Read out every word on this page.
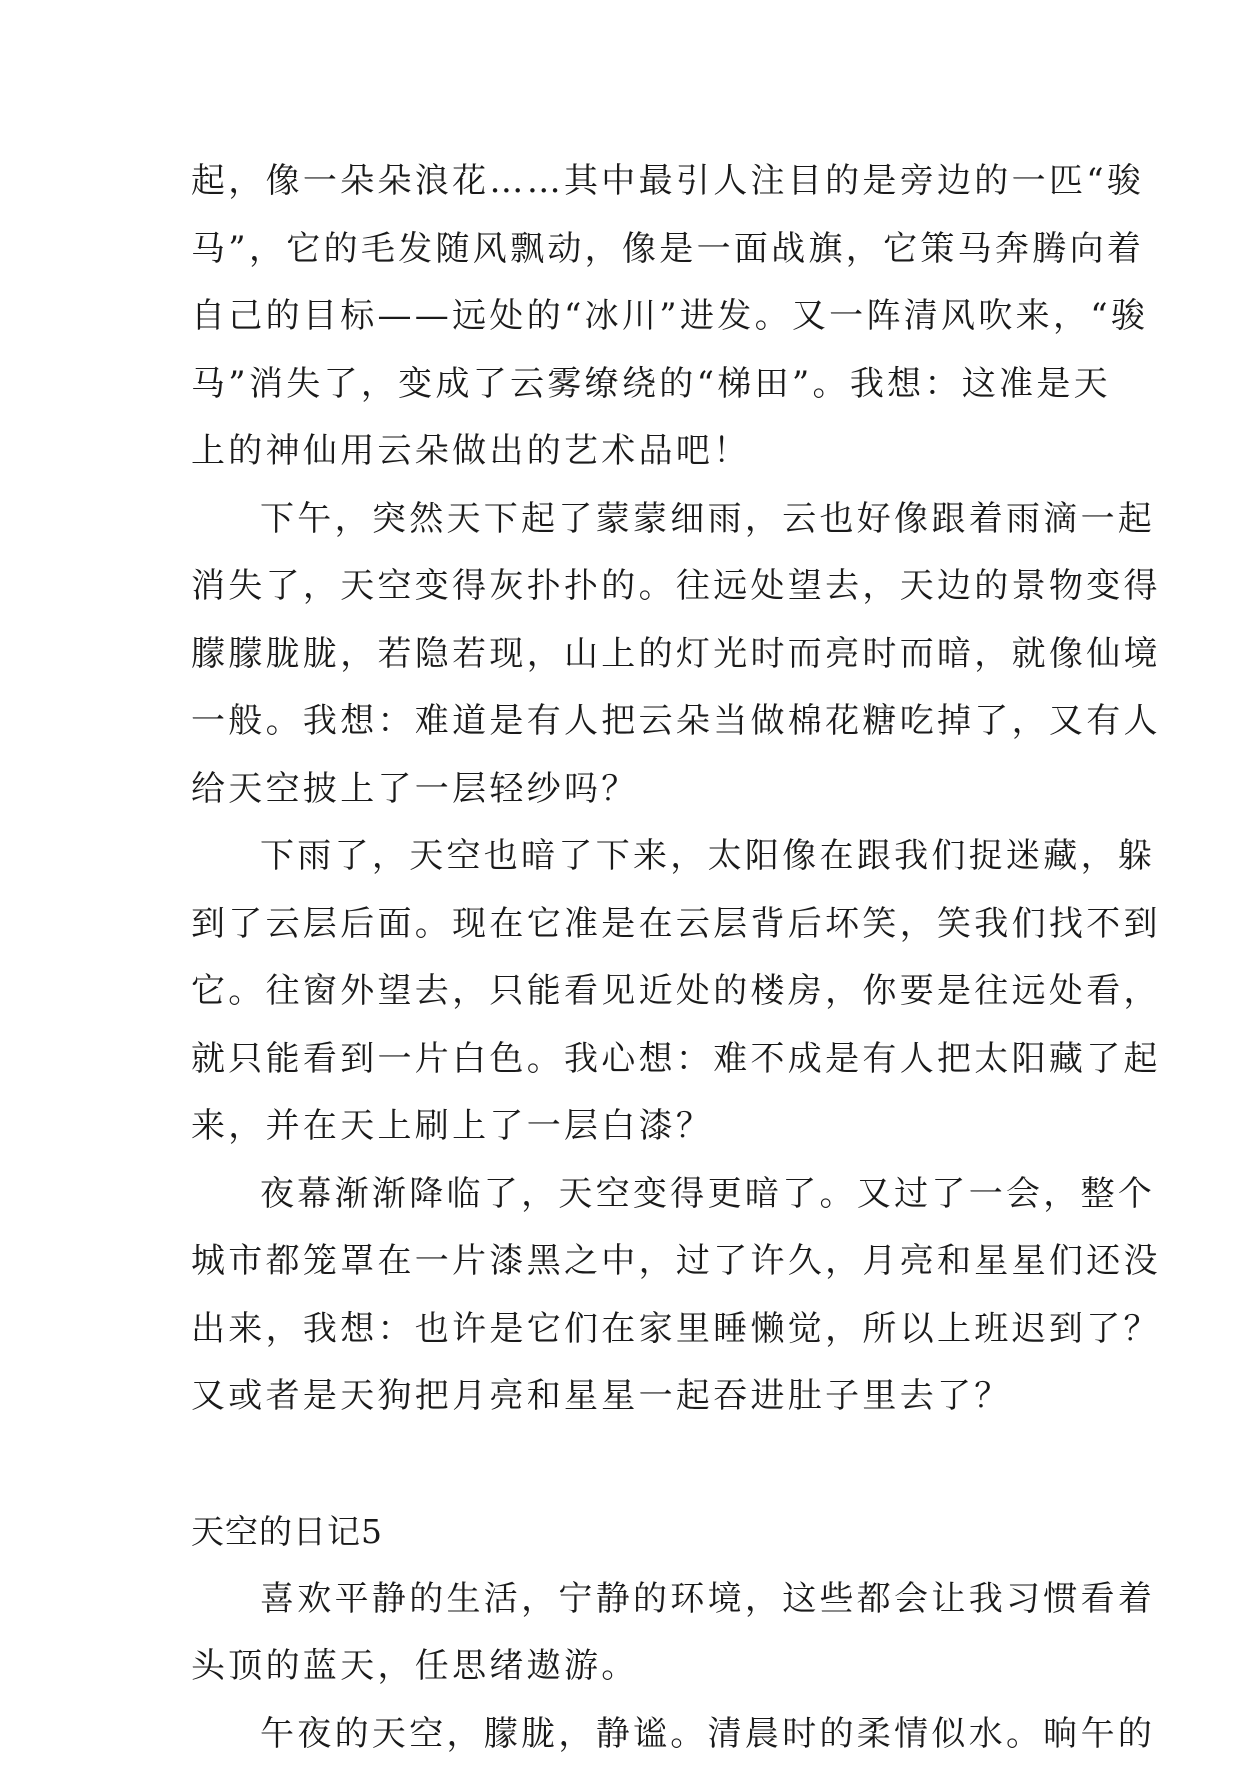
起，像一朵朵浪花……其中最引人注目的是旁边的一匹“骏
马”，它的毛发随风飘动，像是一面战旗，它策马奔腾向着
自己的目标——远处的“冰川”进发。又一阵清风吹来，“骏
马”消失了，变成了云雾缭绕的“梯田”。我想：这准是天
上的神仙用云朵做出的艺术品吧！
下午，突然天下起了蒙蒙细雨，云也好像跟着雨滴一起
消失了，天空变得灰扑扑的。往远处望去，天边的景物变得
朦朦胧胧，若隐若现，山上的灯光时而亮时而暗，就像仙境
一般。我想：难道是有人把云朵当做棉花糖吃掉了，又有人
给天空披上了一层轻纱吗？
下雨了，天空也暗了下来，太阳像在跟我们捉迷藏，躲
到了云层后面。现在它准是在云层背后坏笑，笑我们找不到
它。往窗外望去，只能看见近处的楼房，你要是往远处看，
就只能看到一片白色。我心想：难不成是有人把太阳藏了起
来，并在天上刷上了一层白漆？
夜幕渐渐降临了，天空变得更暗了。又过了一会，整个
城市都笼罩在一片漆黑之中，过了许久，月亮和星星们还没
出来，我想：也许是它们在家里睡懒觉，所以上班迟到了？
又或者是天狗把月亮和星星一起吞进肚子里去了？
天空的日记5
喜欢平静的生活，宁静的环境，这些都会让我习惯看着
头顶的蓝天，任思绪遨游。
午夜的天空，朦胧，静谧。清晨时的柔情似水。晌午的
